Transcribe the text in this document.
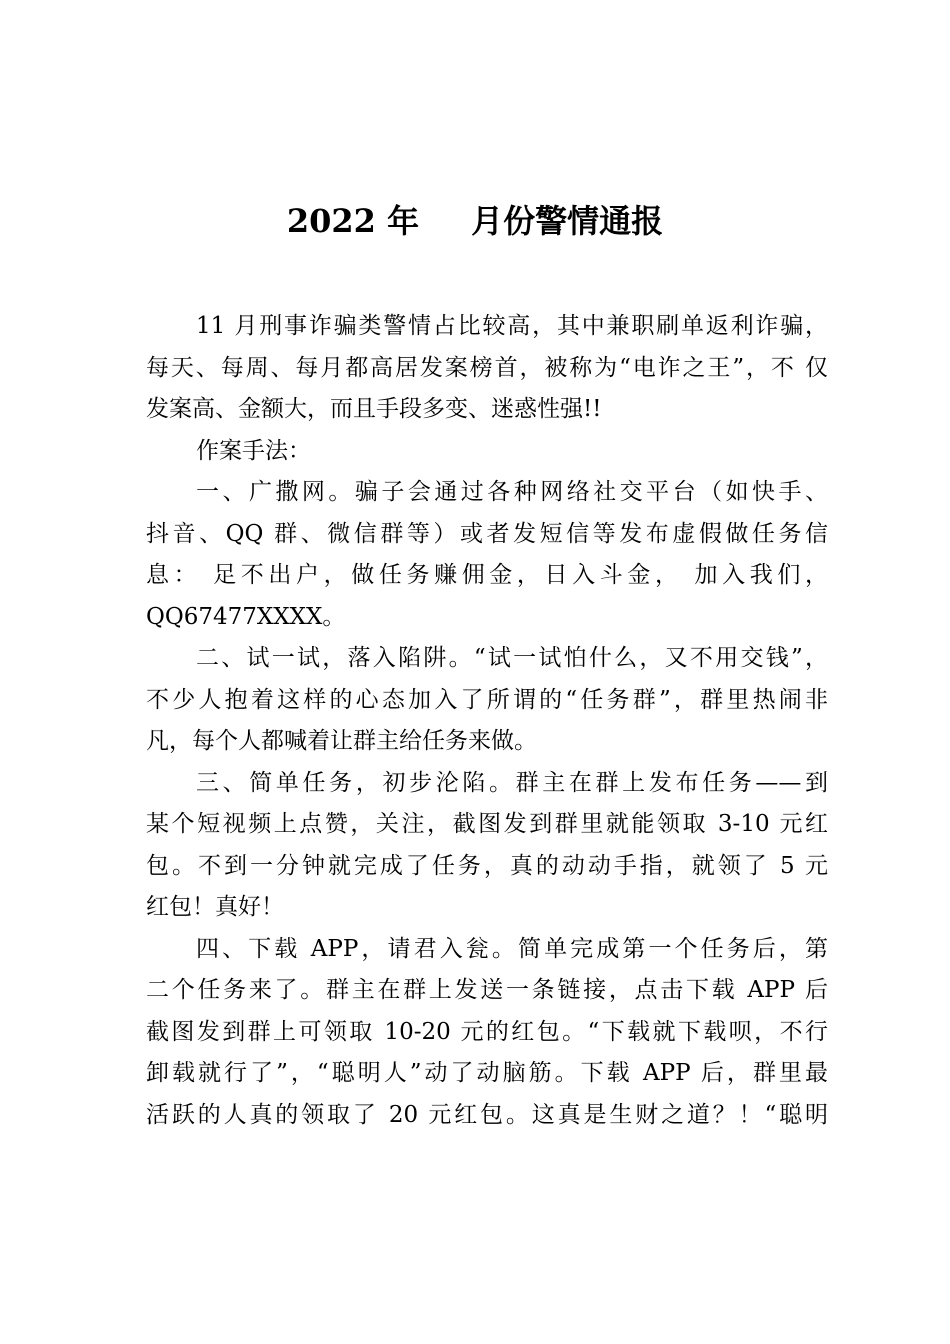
2022 年 月份警情通报
11 月刑事诈骗类警情占比较高，其中兼职刷单返利诈骗，
每天、每周、每月都高居发案榜首，被称为“电诈之王”，不 仅
发案高、金额大，而且手段多变、迷惑性强!!
作案手法：
一、广撒网。骗子会通过各种网络社交平台（如快手、
抖音、QQ 群、微信群等）或者发短信等发布虚假做任务信
息： 足不出户，做任务赚佣金，日入斗金， 加入我们，
QQ67477XXXX。
二、试一试，落入陷阱。“试一试怕什么，又不用交钱”，
不少人抱着这样的心态加入了所谓的“任务群”，群里热闹非
凡，每个人都喊着让群主给任务来做。
三、简单任务，初步沦陷。群主在群上发布任务——到
某个短视频上点赞，关注，截图发到群里就能领取 3-10 元红
包。不到一分钟就完成了任务，真的动动手指，就领了 5 元
红包！真好！
四、下载 APP，请君入瓮。简单完成第一个任务后，第
二个任务来了。群主在群上发送一条链接，点击下载 APP 后
截图发到群上可领取 10-20 元的红包。“下载就下载呗，不行
卸载就行了”，“聪明人”动了动脑筋。下载 APP 后，群里最
活跃的人真的领取了 20 元红包。这真是生财之道？！“聪明
